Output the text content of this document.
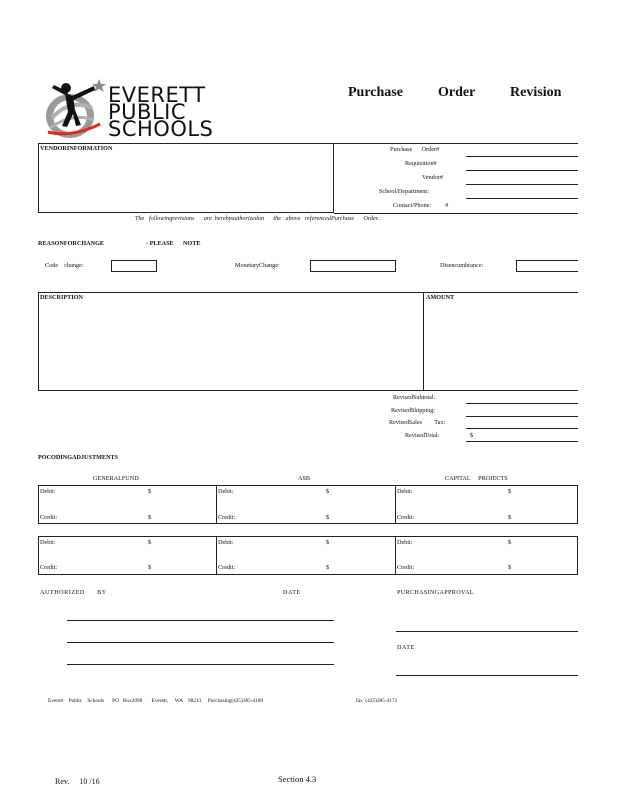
EVERETT
PUBLIC
SCHOOLS
Purchase          Order          Revision
VENDORINFORMATION	Purchase      Order#
Requisition#
Vendor#
School/Department:
Contact/Phone:         #
The   followingrevisions      are  herebyauthorizedon      the   above   referencedPurchase      Order.
REASONFORCHANGE	- PLEASE      NOTE
Code    change:	MonetaryChange:	Disencumbrance:
DESCRIPTION	AMOUNT
RevisedSubtotal:
RevisedShipping:
RevisedSales        Tax:
RevisedTotal:	$
POCODINGADJUSTMENTS
GENERALFUND	ASB	CAPITAL     PROJECTS
Debit:	$	Debit:	$	Debit:	$
Credit:	$	Credit:	$	Credit:	$
Debit:	$	Debit:	$	Debit:	$
Credit:	$	Credit:	$	Credit:	$
AUTHORIZED      BY	DATE	PURCHASINGAPPROVAL
DATE
Everett    Public    Schools      PO   Box2098       Everett,     WA    98213     Purchasing(425)385-4180	fax  (425)385-4172
Rev.     10 /16	Section 4.3
